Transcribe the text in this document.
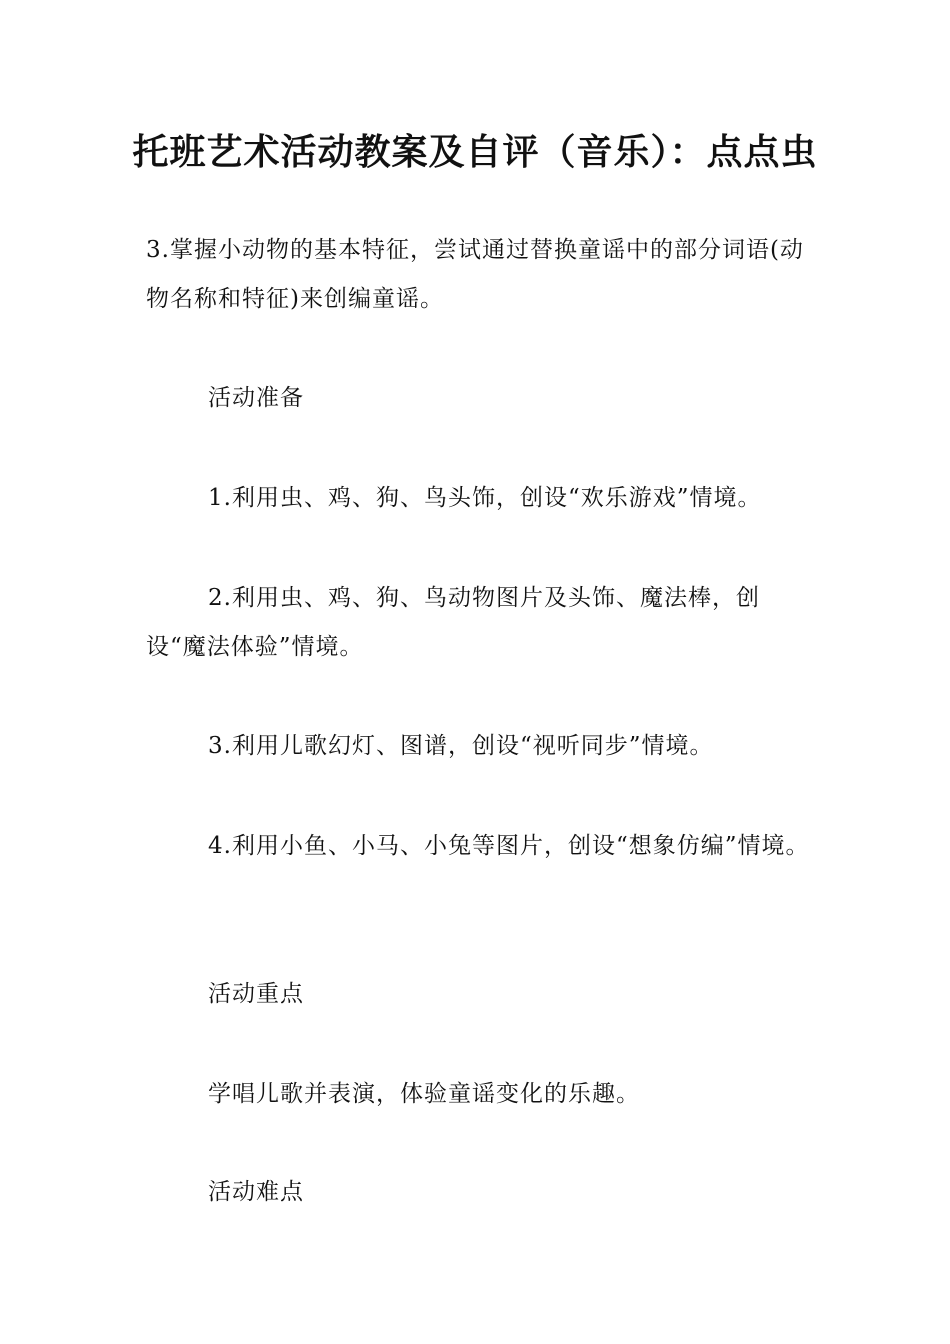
托班艺术活动教案及自评（音乐）：点点虫

3.掌握小动物的基本特征，尝试通过替换童谣中的部分词语(动物名称和特征)来创编童谣。

活动准备

1.利用虫、鸡、狗、鸟头饰，创设“欢乐游戏”情境。

2.利用虫、鸡、狗、鸟动物图片及头饰、魔法棒，创设“魔法体验”情境。

3.利用儿歌幻灯、图谱，创设“视听同步”情境。

4.利用小鱼、小马、小兔等图片，创设“想象仿编”情境。

活动重点

学唱儿歌并表演，体验童谣变化的乐趣。

活动难点
